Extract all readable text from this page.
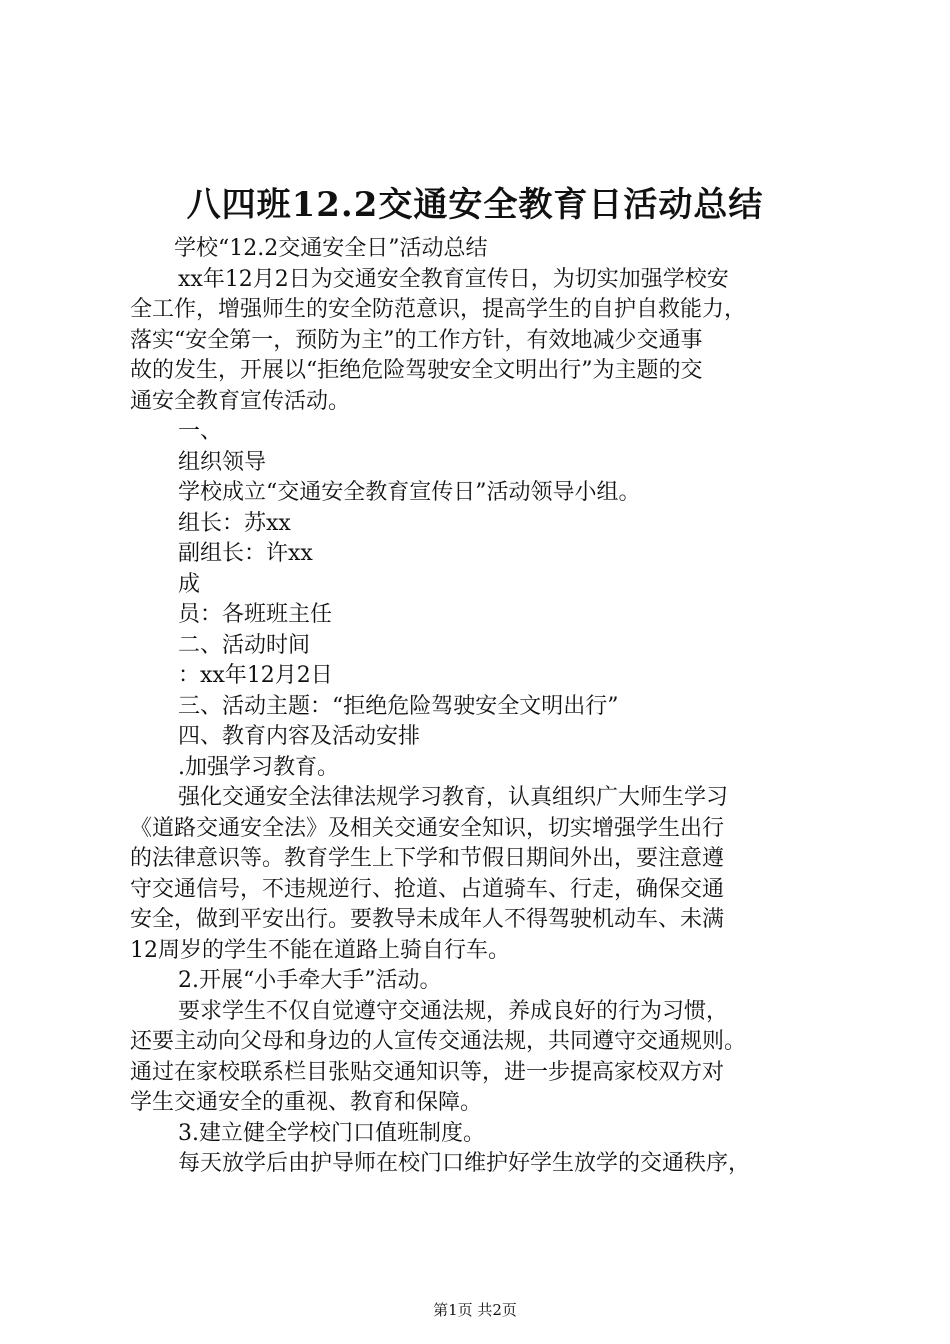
八四班12.2交通安全教育日活动总结
学校“12.2交通安全日”活动总结
xx年12月2日为交通安全教育宣传日，为切实加强学校安
全工作，增强师生的安全防范意识，提高学生的自护自救能力，
落实“安全第一，预防为主”的工作方针，有效地减少交通事
故的发生，开展以“拒绝危险驾驶安全文明出行”为主题的交
通安全教育宣传活动。
一、
组织领导
学校成立“交通安全教育宣传日”活动领导小组。
组长：苏xx
副组长：许xx
成
员：各班班主任
二、活动时间
：xx年12月2日
三、活动主题：“拒绝危险驾驶安全文明出行”
四、教育内容及活动安排
.加强学习教育。
强化交通安全法律法规学习教育，认真组织广大师生学习
《道路交通安全法》及相关交通安全知识，切实增强学生出行
的法律意识等。教育学生上下学和节假日期间外出，要注意遵
守交通信号，不违规逆行、抢道、占道骑车、行走，确保交通
安全，做到平安出行。要教导未成年人不得驾驶机动车、未满
12周岁的学生不能在道路上骑自行车。
2.开展“小手牵大手”活动。
要求学生不仅自觉遵守交通法规，养成良好的行为习惯，
还要主动向父母和身边的人宣传交通法规，共同遵守交通规则。
通过在家校联系栏目张贴交通知识等，进一步提高家校双方对
学生交通安全的重视、教育和保障。
3.建立健全学校门口值班制度。
每天放学后由护导师在校门口维护好学生放学的交通秩序，
第1页 共2页
